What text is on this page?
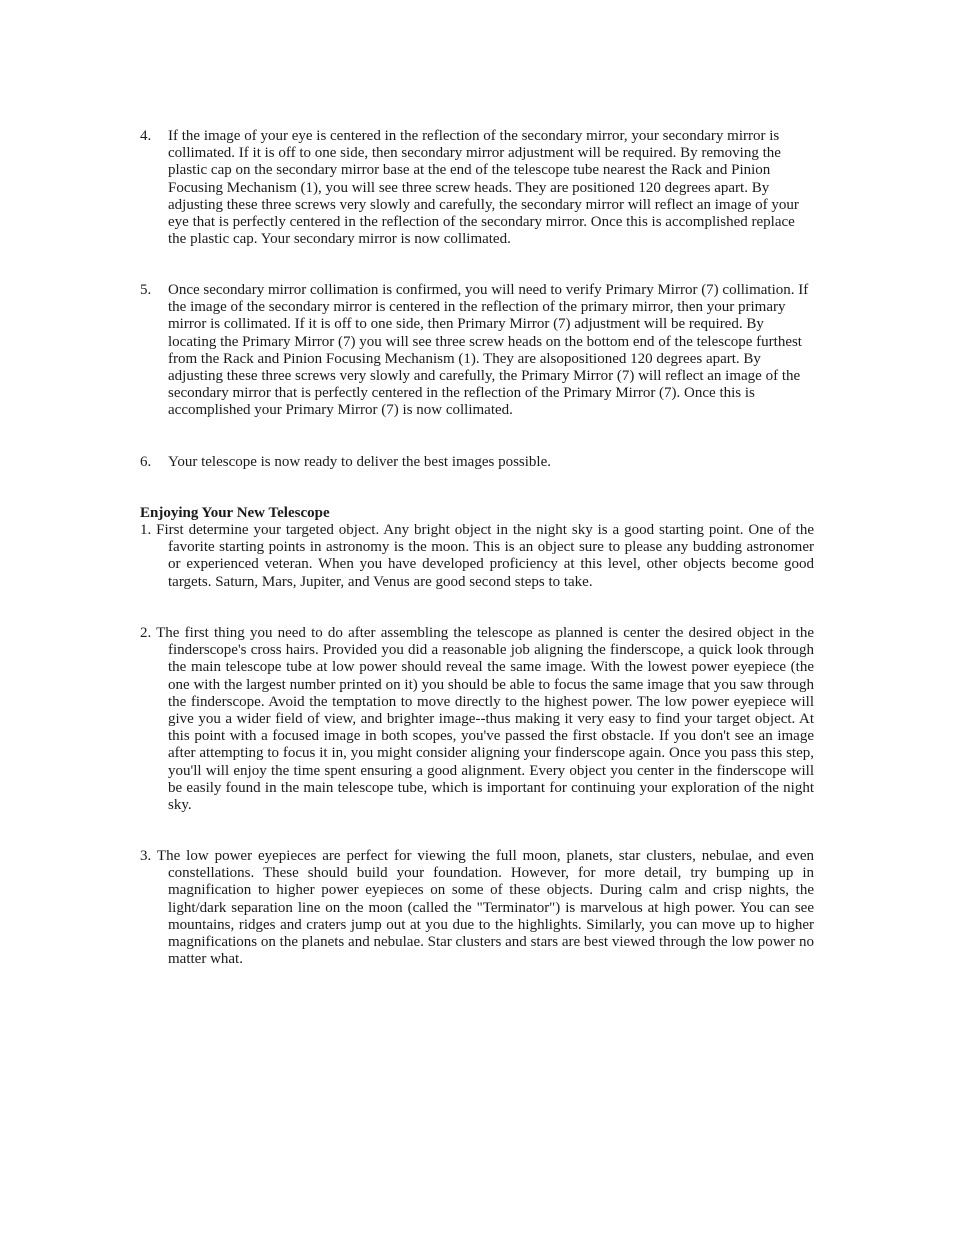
4. If the image of your eye is centered in the reflection of the secondary mirror, your secondary mirror is collimated. If it is off to one side, then secondary mirror adjustment will be required. By removing the plastic cap on the secondary mirror base at the end of the telescope tube nearest the Rack and Pinion Focusing Mechanism (1), you will see three screw heads. They are positioned 120 degrees apart. By adjusting these three screws very slowly and carefully, the secondary mirror will reflect an image of your eye that is perfectly centered in the reflection of the secondary mirror. Once this is accomplished replace the plastic cap. Your secondary mirror is now collimated.
5. Once secondary mirror collimation is confirmed, you will need to verify Primary Mirror (7) collimation. If the image of the secondary mirror is centered in the reflection of the primary mirror, then your primary mirror is collimated. If it is off to one side, then Primary Mirror (7) adjustment will be required. By locating the Primary Mirror (7) you will see three screw heads on the bottom end of the telescope furthest from the Rack and Pinion Focusing Mechanism (1). They are alsopositioned 120 degrees apart. By adjusting these three screws very slowly and carefully, the Primary Mirror (7) will reflect an image of the secondary mirror that is perfectly centered in the reflection of the Primary Mirror (7). Once this is accomplished your Primary Mirror (7) is now collimated.
6. Your telescope is now ready to deliver the best images possible.
Enjoying Your New Telescope
1. First determine your targeted object. Any bright object in the night sky is a good starting point. One of the favorite starting points in astronomy is the moon. This is an object sure to please any budding astronomer or experienced veteran. When you have developed proficiency at this level, other objects become good targets. Saturn, Mars, Jupiter, and Venus are good second steps to take.
2. The first thing you need to do after assembling the telescope as planned is center the desired object in the finderscope's cross hairs. Provided you did a reasonable job aligning the finderscope, a quick look through the main telescope tube at low power should reveal the same image. With the lowest power eyepiece (the one with the largest number printed on it) you should be able to focus the same image that you saw through the finderscope. Avoid the temptation to move directly to the highest power. The low power eyepiece will give you a wider field of view, and brighter image--thus making it very easy to find your target object. At this point with a focused image in both scopes, you've passed the first obstacle. If you don't see an image after attempting to focus it in, you might consider aligning your finderscope again. Once you pass this step, you'll will enjoy the time spent ensuring a good alignment. Every object you center in the finderscope will be easily found in the main telescope tube, which is important for continuing your exploration of the night sky.
3. The low power eyepieces are perfect for viewing the full moon, planets, star clusters, nebulae, and even constellations. These should build your foundation. However, for more detail, try bumping up in magnification to higher power eyepieces on some of these objects. During calm and crisp nights, the light/dark separation line on the moon (called the "Terminator") is marvelous at high power. You can see mountains, ridges and craters jump out at you due to the highlights. Similarly, you can move up to higher magnifications on the planets and nebulae. Star clusters and stars are best viewed through the low power no matter what.
